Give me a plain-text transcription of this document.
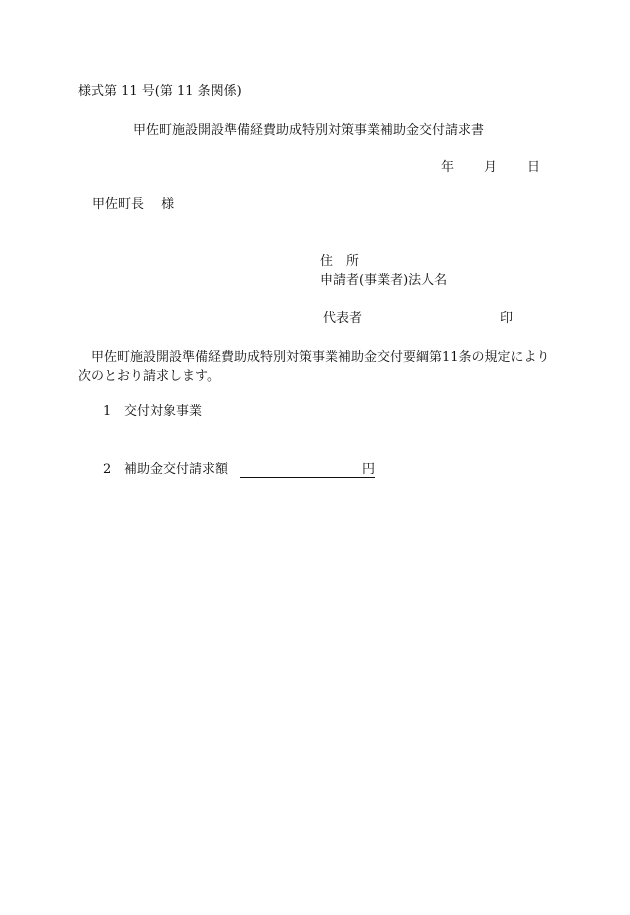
様式第 11 号(第 11 条関係)
甲佐町施設開設準備経費助成特別対策事業補助金交付請求書
年 月 日
甲佐町長　 様
住　所
申請者(事業者)法人名
代表者	印
甲佐町施設開設準備経費助成特別対策事業補助金交付要綱第11条の規定により次のとおり請求します。
1 交付対象事業
2 補助金交付請求額	円
